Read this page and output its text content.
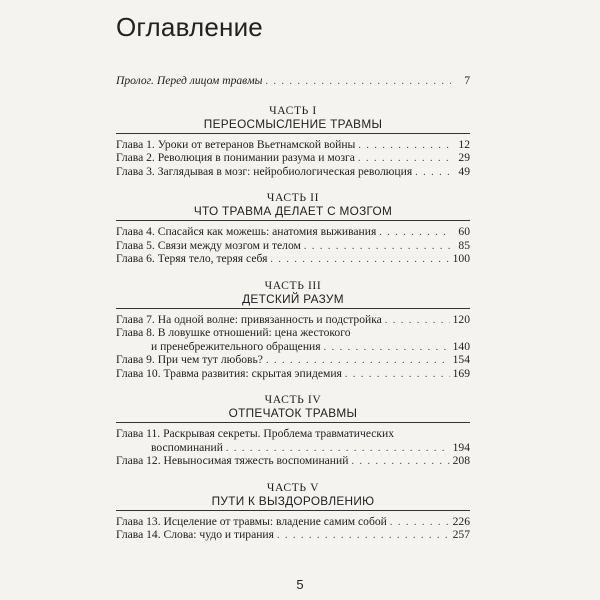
Оглавление
Пролог. Перед лицом травмы . . .	7
ЧАСТЬ I
ПЕРЕОСМЫСЛЕНИЕ ТРАВМЫ
Глава 1. Уроки от ветеранов Вьетнамской войны . . .	12
Глава 2. Революция в понимании разума и мозга . . .	29
Глава 3. Заглядывая в мозг: нейробиологическая революция . . .	49
ЧАСТЬ II
ЧТО ТРАВМА ДЕЛАЕТ С МОЗГОМ
Глава 4. Спасайся как можешь: анатомия выживания . . .	60
Глава 5. Связи между мозгом и телом . . .	85
Глава 6. Теряя тело, теряя себя . . .	100
ЧАСТЬ III
ДЕТСКИЙ РАЗУМ
Глава 7. На одной волне: привязанность и подстройка . . .	120
Глава 8. В ловушке отношений: цена жестокого
и пренебрежительного обращения . . .	140
Глава 9. При чем тут любовь? . . .	154
Глава 10. Травма развития: скрытая эпидемия . . .	169
ЧАСТЬ IV
ОТПЕЧАТОК ТРАВМЫ
Глава 11. Раскрывая секреты. Проблема травматических
воспоминаний . . .	194
Глава 12. Невыносимая тяжесть воспоминаний . . .	208
ЧАСТЬ V
ПУТИ К ВЫЗДОРОВЛЕНИЮ
Глава 13. Исцеление от травмы: владение самим собой . . .	226
Глава 14. Слова: чудо и тирания . . .	257
5
